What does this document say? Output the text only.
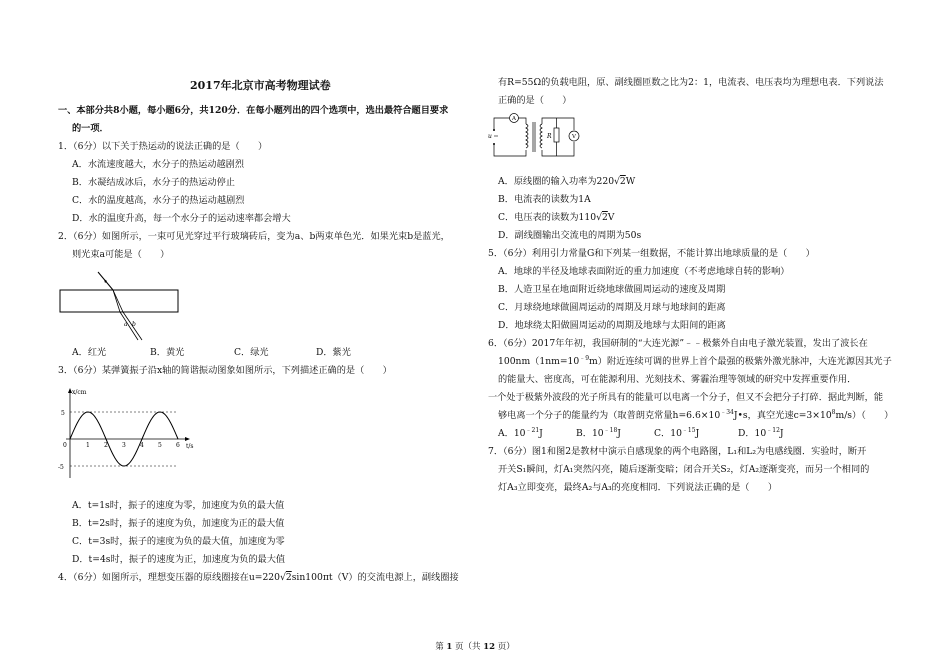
2017年北京市高考物理试卷
一、本部分共8小题，每小题6分，共120分．在每小题列出的四个选项中，选出最符合题目要求
的一项．
1．（6分）以下关于热运动的说法正确的是（　　）
A．水流速度越大，水分子的热运动越剧烈
B．水凝结成冰后，水分子的热运动停止
C．水的温度越高，水分子的热运动越剧烈
D．水的温度升高，每一个水分子的运动速率都会增大
2．（6分）如图所示，一束可见光穿过平行玻璃砖后，变为a、b两束单色光．如果光束b是蓝光，
则光束a可能是（　　）
a b
A．红光	B．黄光	C．绿光	D．紫光
3．（6分）某弹簧振子沿x轴的简谐振动图象如图所示，下列描述正确的是（　　）
x/cm
t/s
5
-5
0	1 2 3 4 5 6
A．t=1s时，振子的速度为零，加速度为负的最大值
B．t=2s时，振子的速度为负，加速度为正的最大值
C．t=3s时，振子的速度为负的最大值，加速度为零
D．t=4s时，振子的速度为正，加速度为负的最大值
4．（6分）如图所示，理想变压器的原线圈接在u=220√2sin100πt（V）的交流电源上，副线圈接
有R=55Ω的负载电阻，原、副线圈匝数之比为2：1，电流表、电压表均为理想电表．下列说法
正确的是（　　）
u
A
R	V
A．原线圈的输入功率为220√2W
B．电流表的读数为1A
C．电压表的读数为110√2V
D．副线圈输出交流电的周期为50s
5．（6分）利用引力常量G和下列某一组数据，不能计算出地球质量的是（　　）
A．地球的半径及地球表面附近的重力加速度（不考虑地球自转的影响）
B．人造卫星在地面附近绕地球做圆周运动的速度及周期
C．月球绕地球做圆周运动的周期及月球与地球间的距离
D．地球绕太阳做圆周运动的周期及地球与太阳间的距离
6．（6分）2017年年初，我国研制的“大连光源”﹣﹣极紫外自由电子激光装置，发出了波长在
$100nm(1nm=10^{﹣9}m)$附近连续可调的世界上首个最强的极紫外激光脉冲，大连光源因其光子
的能量大、密度高，可在能源利用、光刻技术、雾霾治理等领域的研究中发挥重要作用．
一个处于极紫外波段的光子所具有的能量可以电离一个分子，但又不会把分子打碎．据此判断，能
够电离一个分子的能量约为（取普朗克常量$h=6.6\times 10^{﹣34}J•s$，真空光速$c=3\times 10^8m/s$）（　　）
A．$10^{﹣21}J$	B．$10^{﹣18}J$	C．$10^{﹣15}J$	D．$10^{﹣12}J$
7．（6分）图1和图2是教材中演示自感现象的两个电路图，L₁和L₂为电感线圈．实验时，断开
开关S₁瞬间，灯A₁突然闪亮，随后逐渐变暗；闭合开关S₂，灯A₂逐渐变亮，而另一个相同的
灯A₃立即变亮，最终A₂与A₃的亮度相同．下列说法正确的是（　　）
第 1 页（共 12 页）
